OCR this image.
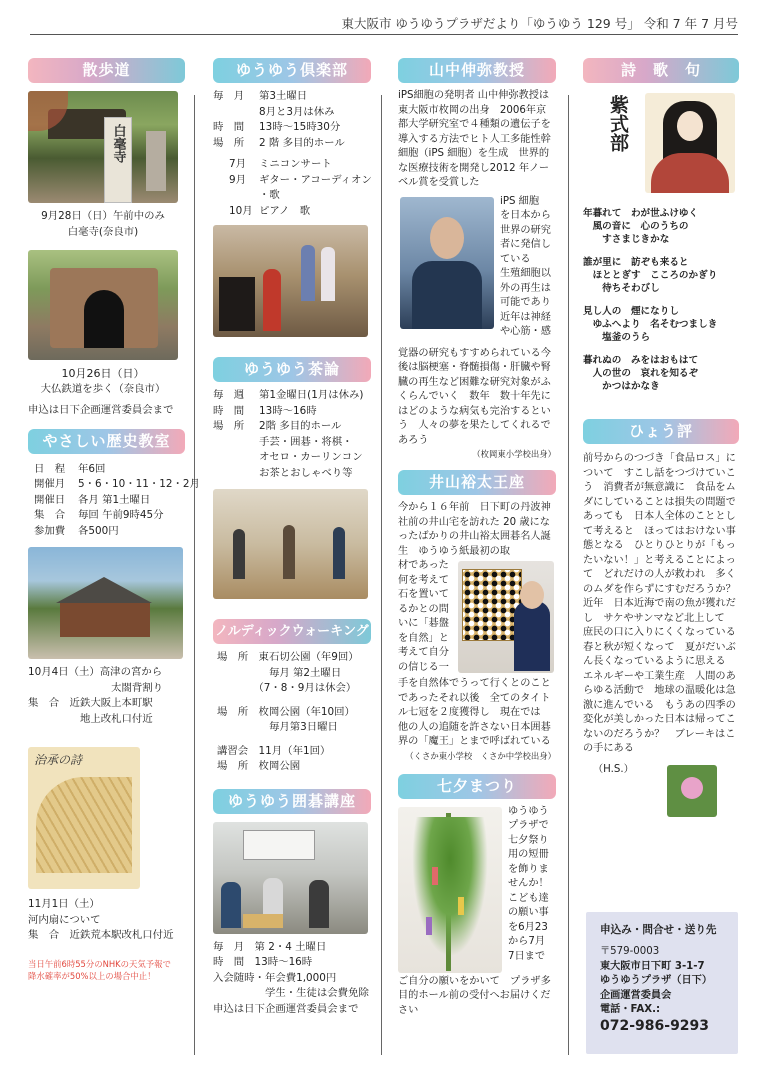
東大阪市 ゆうゆうプラザだより「ゆうゆう 129 号」 令和 7 年 7 月号
散歩道
白毫寺
9月28日（日）午前中のみ
白毫寺(奈良市)
10月26日（日）
大仏鉄道を歩く（奈良市）
申込は日下企画運営委員会まで
やさしい歴史教室
日　程 年6回
開催月 5・6・10・11・12・2月
開催日 各月 第1土曜日
集　合 毎回 午前9時45分
参加費 各500円
10月4日（土）高津の宮から
　　　　　　　　太閤背割り
集　合　近鉄大阪上本町駅
　　　　　地上改札口付近
治承の詩
11月1日（土）
河内扇について
集　合　近鉄荒本駅改札口付近
当日午前6時55分のNHKの天気予報で
降水確率が50%以上の場合中止！
ゆうゆう倶楽部
毎　月 第3土曜日
8月と3月は休み
時　間 13時～15時30分
場　所 2 階 多目的ホール
7月 ミニコンサート
9月 ギター・アコーディオン
・歌
10月 ピアノ　歌
ゆうゆう茶論
毎　週 第1金曜日(1月は休み)
時　間 13時～16時
場　所 2階 多目的ホール
手芸・囲碁・将棋・
オセロ・カーリンコン
お茶とおしゃべり等
ノルディックウォーキング
場　所　東石切公園（年9回）
　　　　　毎月 第2土曜日
　　　　（7・8・9月は休会）
場　所　枚岡公園（年10回）
　　　　　毎月第3日曜日
講習会　11月（年1回）
場　所　枚岡公園
ゆうゆう囲碁講座
毎　月　第 2・4 土曜日
時　間　13時～16時
入会随時・年会費1,000円
　　　　　学生・生徒は会費免除
申込は日下企画運営委員会まで
山中伸弥教授
iPS細胞の発明者 山中伸弥教授は東大阪市枚岡の出身　2006年京都大学研究室で４種類の遺伝子を導入する方法でヒト人工多能性幹細胞（iPS 細胞）を生成　世界的な医療技術を開発し2012 年ノーベル賞を受賞した
iPS 細胞
を日本から
世界の研究
者に発信し
ている
生殖細胞以
外の再生は
可能であり
近年は神経
や心筋・感
覚器の研究もすすめられている今後は脳梗塞・脊髄損傷・肝臓や腎臓の再生など困難な研究対象がふくらんでいく　数年　数十年先にはどのような病気も完治するという　人々の夢を果たしてくれるであろう
（枚岡東小学校出身）
井山裕太王座
今から１６年前　日下町の丹波神社前の井山宅を訪れた 20 歳になったばかりの井山裕太囲碁名人誕生　ゆうゆう紙最初の取
材であった
何を考えて
石を置いて
るかとの問
いに「碁盤
を自然」と
考えて自分
の信じる一
手を自然体でうって行くとのことであったそれ以後　全てのタイトル七冠を２度獲得し　現在では　他の人の追随を許さない日本囲碁界の「魔王」とまで呼ばれている
（くさか東小学校　くさか中学校出身）
七夕まつり
ゆうゆう
プラザで
七夕祭り
用の短冊
を飾りま
せんか！
こども達
の願い事
を6月23
から7月
7日まで
ご自分の願いをかいて　プラザ多目的ホール前の受付へお届けください
詩　歌　句
紫式部
年暮れて　わが世ふけゆく
　風の音に　心のうちの
　　すさまじきかな
誰が里に　訪ぞも来ると
　ほととぎす　こころのかぎり
　　待ちそわびし
見し人の　煙になりし
　ゆふへより　名そむつましき
　　塩釜のうら
暮れぬの　みをはおもはて
　人の世の　哀れを知るぞ
　　かつはかなき
ひょう評
前号からのつづき「食品ロス」について　すこし話をつづけていこう　消費者が無意識に　食品をムダにしていることは損失の問題であっても　日本人全体のこととして考えると　ほってはおけない事態となる　ひとりひとりが「もったいない！」と考えることによって　どれだけの人が救われ　多くのムダを作らずにすむだろうか？　近年　日本近海で南の魚が獲れだし　サケやサンマなど北上して　庶民の口に入りにくくなっている　春と秋が短くなって　夏がだいぶん長くなっているように思える　エネルギーや工業生産　人間のあらゆる活動で　地球の温暖化は急激に進んでいる　もうあの四季の変化が美しかった日本は帰ってこないのだろうか？　ブレーキはこの手にある
（H.S.）
申込み・問合せ・送り先
〒579-0003
東大阪市日下町 3-1-7
ゆうゆうプラザ（日下）
企画運営委員会
電話・FAX.:
072-986-9293
